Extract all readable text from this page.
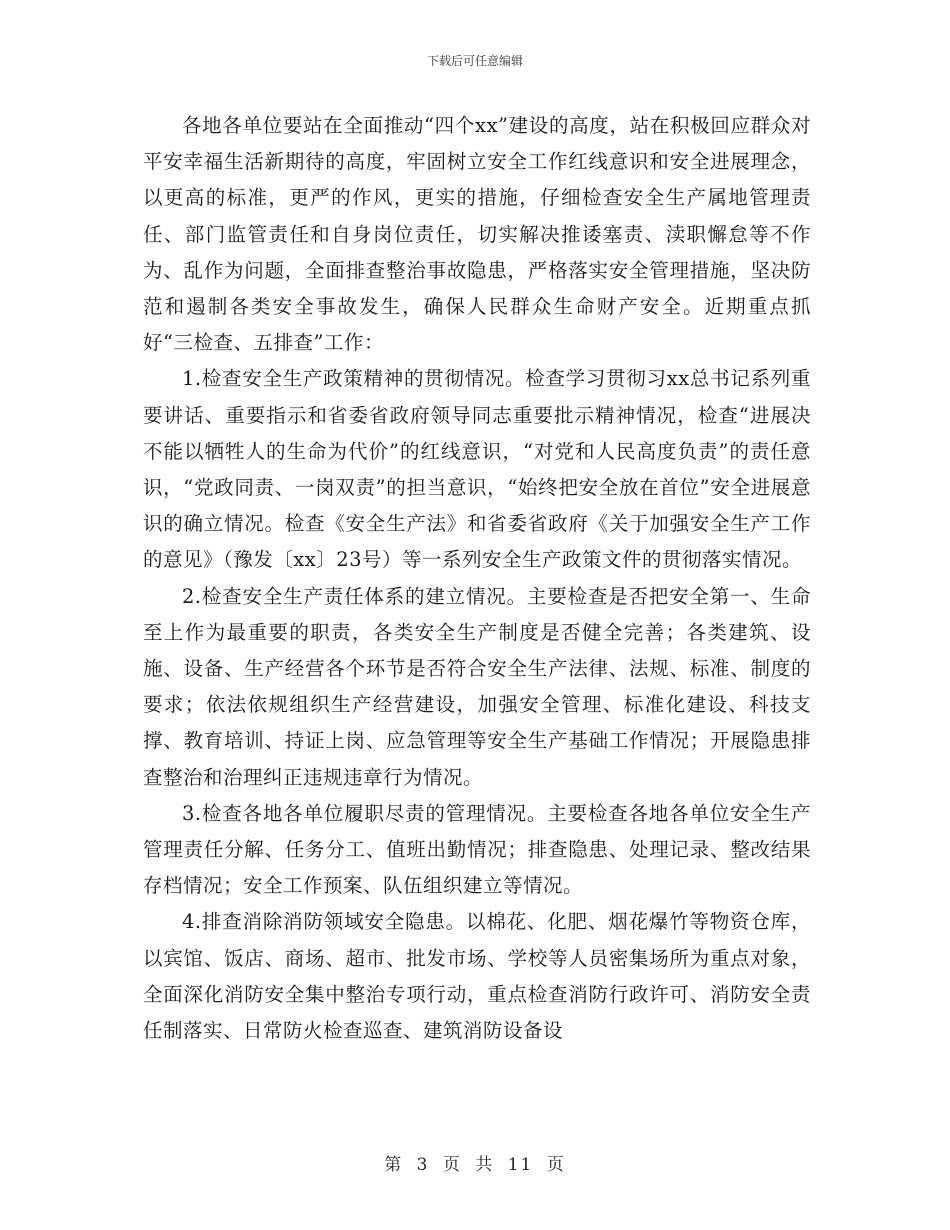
下载后可任意编辑

各地各单位要站在全面推动“四个xx”建设的高度，站在积极回应群众对平安幸福生活新期待的高度，牢固树立安全工作红线意识和安全进展理念，以更高的标准，更严的作风，更实的措施，仔细检查安全生产属地管理责任、部门监管责任和自身岗位责任，切实解决推诿塞责、渎职懈怠等不作为、乱作为问题，全面排查整治事故隐患，严格落实安全管理措施，坚决防范和遏制各类安全事故发生，确保人民群众生命财产安全。近期重点抓好“三检查、五排查”工作：

1.检查安全生产政策精神的贯彻情况。检查学习贯彻习xx总书记系列重要讲话、重要指示和省委省政府领导同志重要批示精神情况，检查“进展决不能以牺牲人的生命为代价”的红线意识，“对党和人民高度负责”的责任意识，“党政同责、一岗双责”的担当意识，“始终把安全放在首位”安全进展意识的确立情况。检查《安全生产法》和省委省政府《关于加强安全生产工作的意见》（豫发〔xx〕23号）等一系列安全生产政策文件的贯彻落实情况。

2.检查安全生产责任体系的建立情况。主要检查是否把安全第一、生命至上作为最重要的职责，各类安全生产制度是否健全完善；各类建筑、设施、设备、生产经营各个环节是否符合安全生产法律、法规、标准、制度的要求；依法依规组织生产经营建设，加强安全管理、标准化建设、科技支撑、教育培训、持证上岗、应急管理等安全生产基础工作情况；开展隐患排查整治和治理纠正违规违章行为情况。

3.检查各地各单位履职尽责的管理情况。主要检查各地各单位安全生产管理责任分解、任务分工、值班出勤情况；排查隐患、处理记录、整改结果存档情况；安全工作预案、队伍组织建立等情况。

4.排查消除消防领域安全隐患。以棉花、化肥、烟花爆竹等物资仓库，以宾馆、饭店、商场、超市、批发市场、学校等人员密集场所为重点对象，全面深化消防安全集中整治专项行动，重点检查消防行政许可、消防安全责任制落实、日常防火检查巡查、建筑消防设备设

第 3 页 共 11 页
